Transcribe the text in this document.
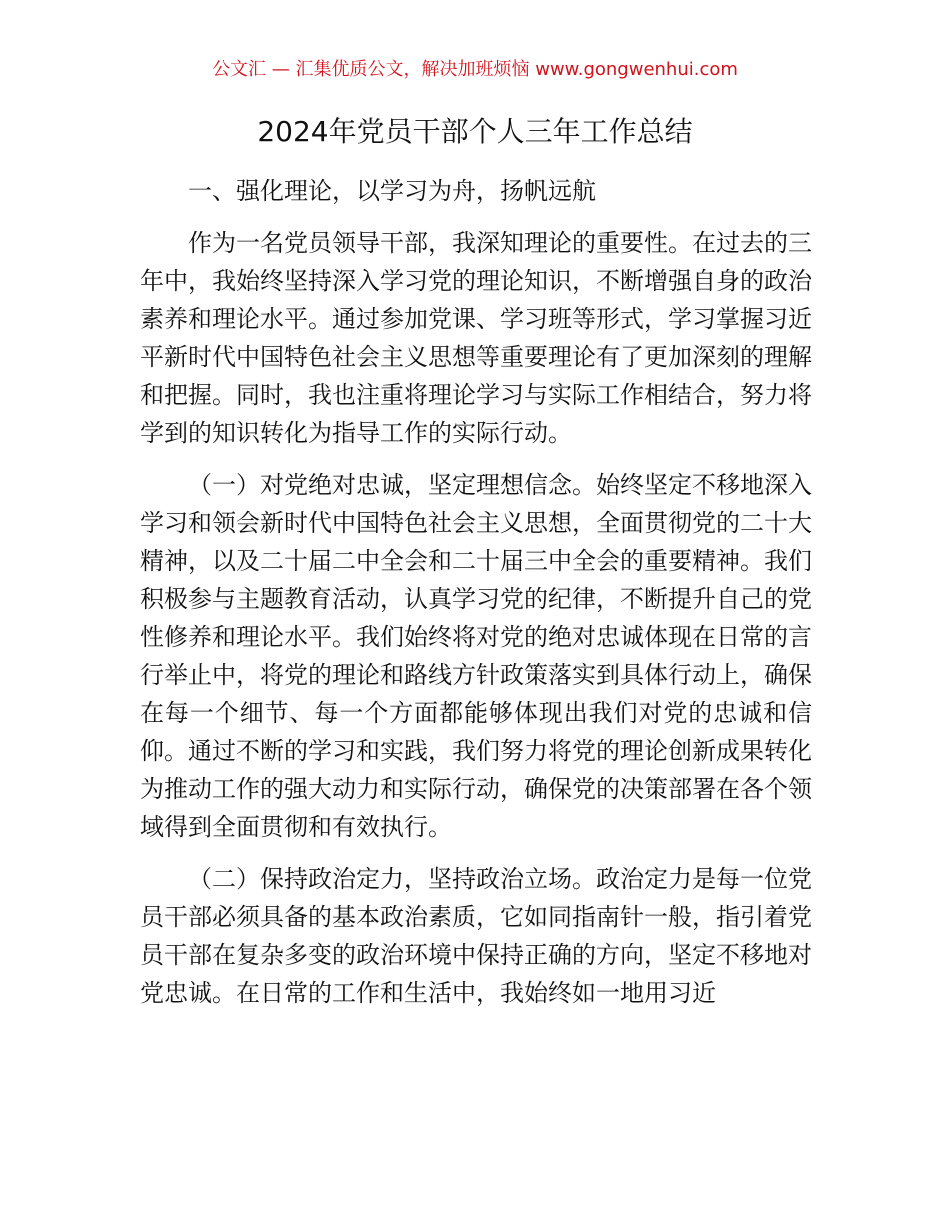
公文汇 — 汇集优质公文，解决加班烦恼 www.gongwenhui.com
2024年党员干部个人三年工作总结

一、强化理论，以学习为舟，扬帆远航

作为一名党员领导干部，我深知理论的重要性。在过去的三年中，我始终坚持深入学习党的理论知识，不断增强自身的政治素养和理论水平。通过参加党课、学习班等形式，学习掌握习近平新时代中国特色社会主义思想等重要理论有了更加深刻的理解和把握。同时，我也注重将理论学习与实际工作相结合，努力将学到的知识转化为指导工作的实际行动。

（一）对党绝对忠诚，坚定理想信念。始终坚定不移地深入学习和领会新时代中国特色社会主义思想，全面贯彻党的二十大精神，以及二十届二中全会和二十届三中全会的重要精神。我们积极参与主题教育活动，认真学习党的纪律，不断提升自己的党性修养和理论水平。我们始终将对党的绝对忠诚体现在日常的言行举止中，将党的理论和路线方针政策落实到具体行动上，确保在每一个细节、每一个方面都能够体现出我们对党的忠诚和信仰。通过不断的学习和实践，我们努力将党的理论创新成果转化为推动工作的强大动力和实际行动，确保党的决策部署在各个领域得到全面贯彻和有效执行。

（二）保持政治定力，坚持政治立场。政治定力是每一位党员干部必须具备的基本政治素质，它如同指南针一般，指引着党员干部在复杂多变的政治环境中保持正确的方向，坚定不移地对党忠诚。在日常的工作和生活中，我始终如一地用习近
